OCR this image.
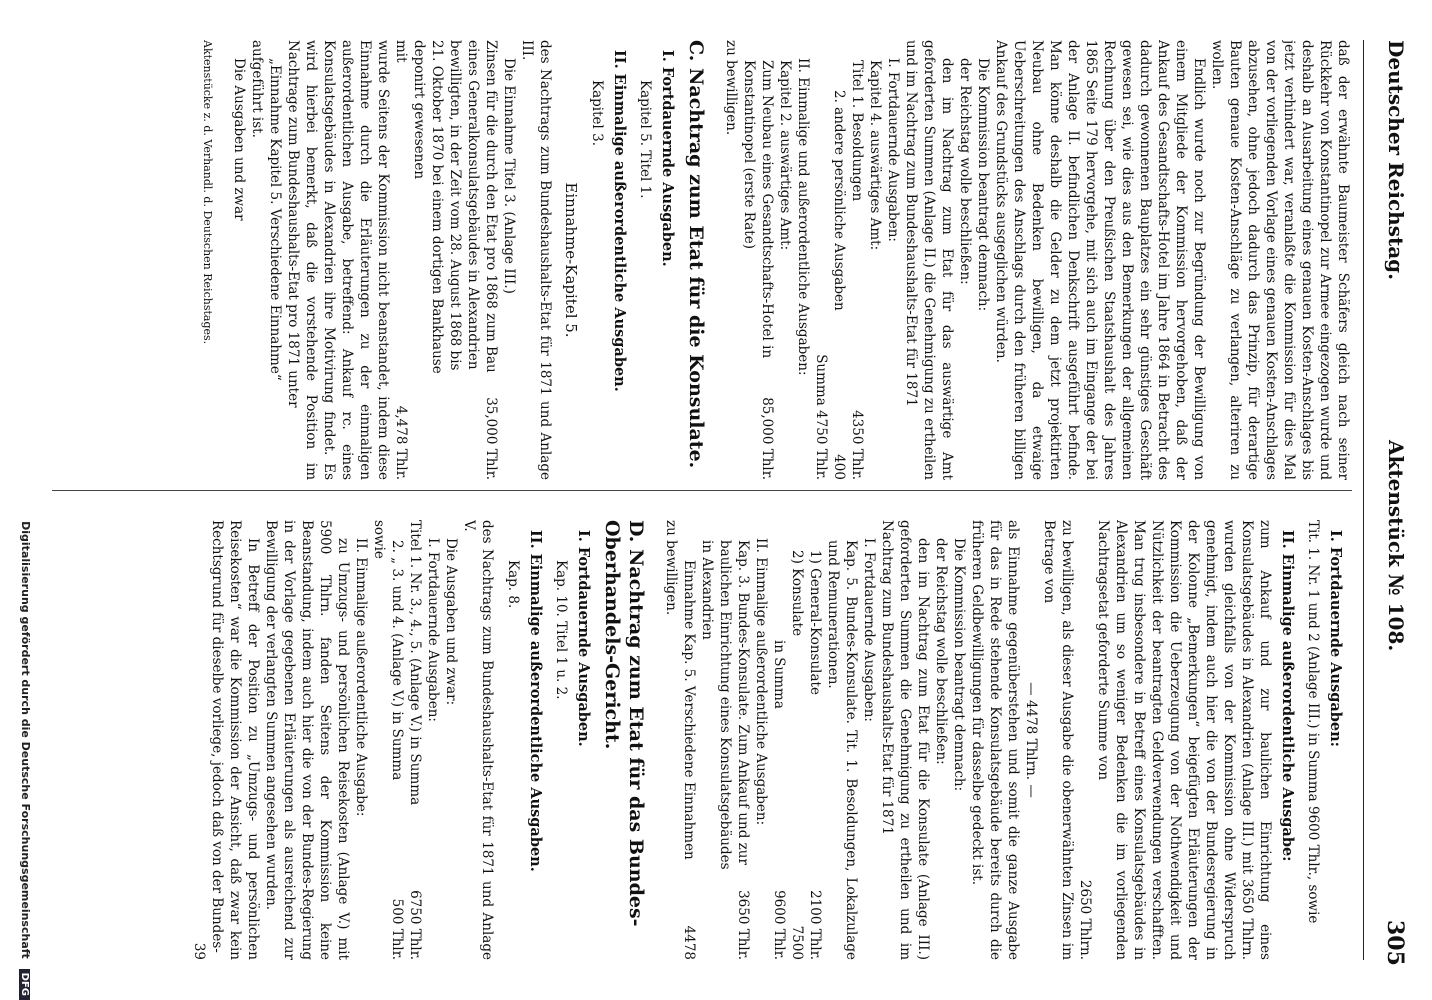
Deutscher Reichstag.
Aktenstück № 108.
305

daß der erwähnte Baumeister Schäfers gleich nach seiner Rückkehr von Konstantinopel zur Armee eingezogen wurde und deshalb an Ausarbeitung eines genauen Kosten-Anschlages bis jetzt verhindert war, veranlaßte die Kommission für dies Mal von der vorliegenden Vorlage eines genauen Kosten-Anschlages abzusehen, ohne jedoch dadurch das Prinzip, für derartige Bauten genaue Kosten-Anschläge zu verlangen, alteriren zu wollen.

Endlich wurde noch zur Begründung der Bewilligung von einem Mitgliede der Kommission hervorgehoben, daß der Ankauf des Gesandtschafts-Hotel im Jahre 1864 in Betracht des dadurch gewonnenen Bauplatzes ein sehr günstiges Geschäft gewesen sei, wie dies aus den Bemerkungen der allgemeinen Rechnung über den Preußischen Staatshaushalt des Jahres 1865 Seite 179 hervorgehe, mit sich auch im Eingange der bei der Anlage II. befindlichen Denkschrift ausgeführt befinde. Man könne deshalb die Gelder zu dem jetzt projektirten Neubau ohne Bedenken bewilligen, da etwaige Ueberschreitungen des Anschlags durch den früheren billigen Ankauf des Grundstücks ausgeglichen würden.

Die Kommission beantragt demnach:

der Reichstag wolle beschließen:

den im Nachtrag zum Etat für das auswärtige Amt geforderten Summen (Anlage II.) die Genehmigung zu ertheilen und im Nachtrag zum Bundeshaushalts-Etat für 1871

I. Fortdauernde Ausgaben:

Kapitel 4. auswärtiges Amt:

Titel 1. Besoldungen
4350 Thlr.
2. andere persönliche Ausgaben
400

Summa 4750 Thlr.

II. Einmalige und außerordentliche Ausgaben:

Kapitel 2. auswärtiges Amt:

Zum Neubau eines Gesandtschafts-Hotel in Konstantinopel (erste Rate)
85,000 Thlr.

zu bewilligen.

C. Nachtrag zum Etat für die Konsulate.
I. Fortdauernde Ausgaben.

Kapitel 5. Titel 1.

II. Einmalige außerordentliche Ausgaben.

Kapitel 3.

Einnahme-Kapitel 5.

des Nachtrags zum Bundeshaushalts-Etat für 1871 und Anlage III.

Die Einnahme Titel 3. (Anlage III.)

Zinsen für die durch den Etat pro 1868 zum Bau eines Generalkonsulatsgebäudes in Alexandrien bewilligten, in der Zeit vom 28. August 1868 bis 21. Oktober 1870 bei einem dortigen Bankhause deponirt gewesenen
35,000 Thlr.
mit
4,478 Thlr.

wurde Seitens der Kommission nicht beanstandet, indem diese Einnahme durch die Erläuterungen zu der einmaligen außerordentlichen Ausgabe, betreffend: Ankauf rc. eines Konsulatsgebäudes in Alexandrien ihre Motivirung findet. Es wird hierbei bemerkt, daß die vorstehende Position im Nachtrage zum Bundeshaushalts-Etat pro 1871 unter

„Einnahme Kapitel 5. Verschiedene Einnahme“

aufgeführt ist.

Die Ausgaben und zwar

Aktenstücke z. d. Verhandl. d. Deutschen Reichstages.

I. Fortdauernde Ausgaben:

Tit. 1. Nr. 1 und 2 (Anlage III.) in Summa 9600 Thlr., sowie

II. Einmalige außerordentliche Ausgabe:

zum Ankauf und zur baulichen Einrichtung eines Konsulatsgebäudes in Alexandrien (Anlage III.) mit 3650 Thlrn. wurden gleichfalls von der Kommission ohne Widerspruch genehmigt, indem auch hier die von der Bundesregierung in der Kolonne „Bemerkungen“ beigefügten Erläuterungen der Kommission die Ueberzeugung von der Nothwendigkeit und Nützlichkeit der beantragten Geldverwendungen verschafften. Man trug insbesondere in Betreff eines Konsulatsgebäudes in Alexandrien um so weniger Bedenken die im vorliegenden Nachtragsetat geforderte Summe von

2650 Thlrn.

zu bewilligen, als dieser Ausgabe die obenerwähnten Zinsen im Betrage von

— 4478 Thlrn. —

als Einnahme gegenüberstehen und somit die ganze Ausgabe für das in Rede stehende Konsulatsgebäude bereits durch die früheren Geldbewilligungen für dasselbe gedeckt ist.

Die Kommission beantragt demnach:

der Reichstag wolle beschließen:

den im Nachtrag zum Etat für die Konsulate (Anlage III.) geforderten Summen die Genehmigung zu ertheilen und im Nachtrag zum Bundeshaushalts-Etat für 1871

I. Fortdauernde Ausgaben:

Kap. 5. Bundes-Konsulate. Tit. 1. Besoldungen, Lokalzulage und Remunerationen.

1) General-Konsulate
2100 Thlr.
2) Konsulate
7500
in Summa
9600 Thlr.

II. Einmalige außerordentliche Ausgaben:

Kap. 3. Bundes-Konsulate. Zum Ankauf und zur baulichen Einrichtung eines Konsulatsgebäudes in Alexandrien
3650 Thlr.
Einnahme Kap. 5. Verschiedene Einnahmen
4478

zu bewilligen.

D. Nachtrag zum Etat für das Bundes-Oberhandels-Gericht.
I. Fortdauernde Ausgaben.

Kap. 10. Titel 1 u. 2.

II. Einmalige außerordentliche Ausgaben.

Kap. 8.

des Nachtrags zum Bundeshaushalts-Etat für 1871 und Anlage V.

Die Ausgaben und zwar:

I. Fortdauernde Ausgaben:

Titel 1. Nr. 3., 4., 5. (Anlage V.) in Summa
6750 Thlr.
2. „ 3. und 4. (Anlage V.) in Summa
500 Thlr.

sowie

II. Einmalige außerordentliche Ausgabe:

zu Umzugs- und persönlichen Reisekosten (Anlage V.) mit 5900 Thlrn. fanden Seitens der Kommission keine Beanstandung, indem auch hier die von der Bundes-Regierung in der Vorlage gegebenen Erläuterungen als ausreichend zur Bewilligung der verlangten Summen angesehen wurden.

In Betreff der Position zu „Umzugs- und persönlichen Reisekosten“ war die Kommission der Ansicht, daß zwar kein Rechtsgrund für dieselbe vorliege, jedoch daß von der Bundes-

39

Digitalisierung gefördert durch die Deutsche Forschungsgemeinschaft DFG
